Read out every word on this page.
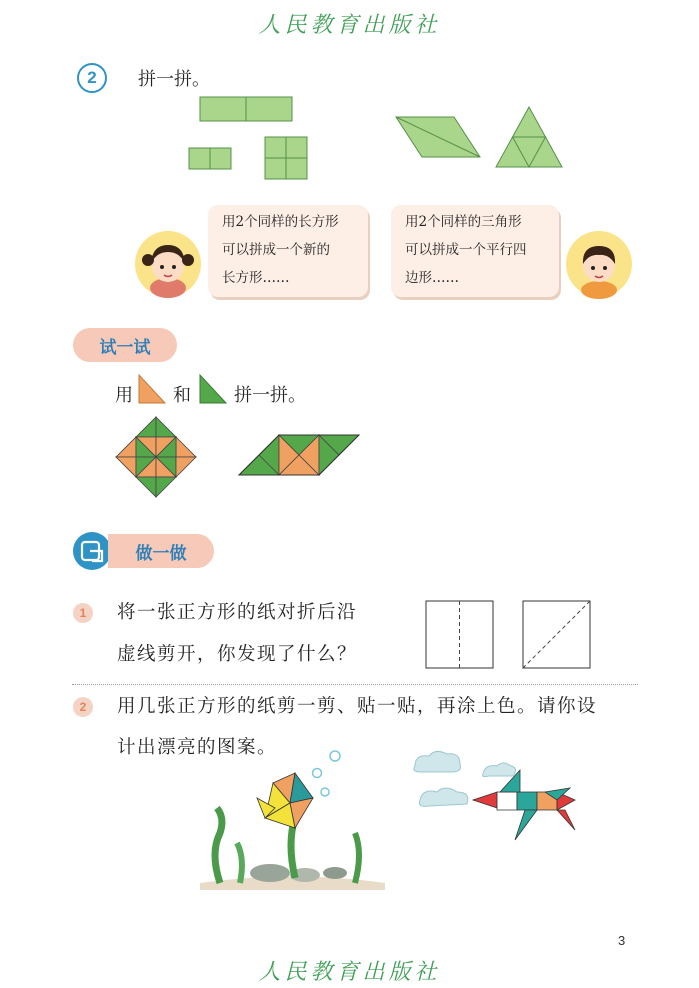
人民教育出版社
2	拼一拼。
用2个同样的长方形
可以拼成一个新的
长方形……
用2个同样的三角形
可以拼成一个平行四
边形……
试一试
用 和 拼一拼。
做一做
1	将一张正方形的纸对折后沿
虚线剪开，你发现了什么？
2	用几张正方形的纸剪一剪、贴一贴，再涂上色。请你设
计出漂亮的图案。
3
人民教育出版社
